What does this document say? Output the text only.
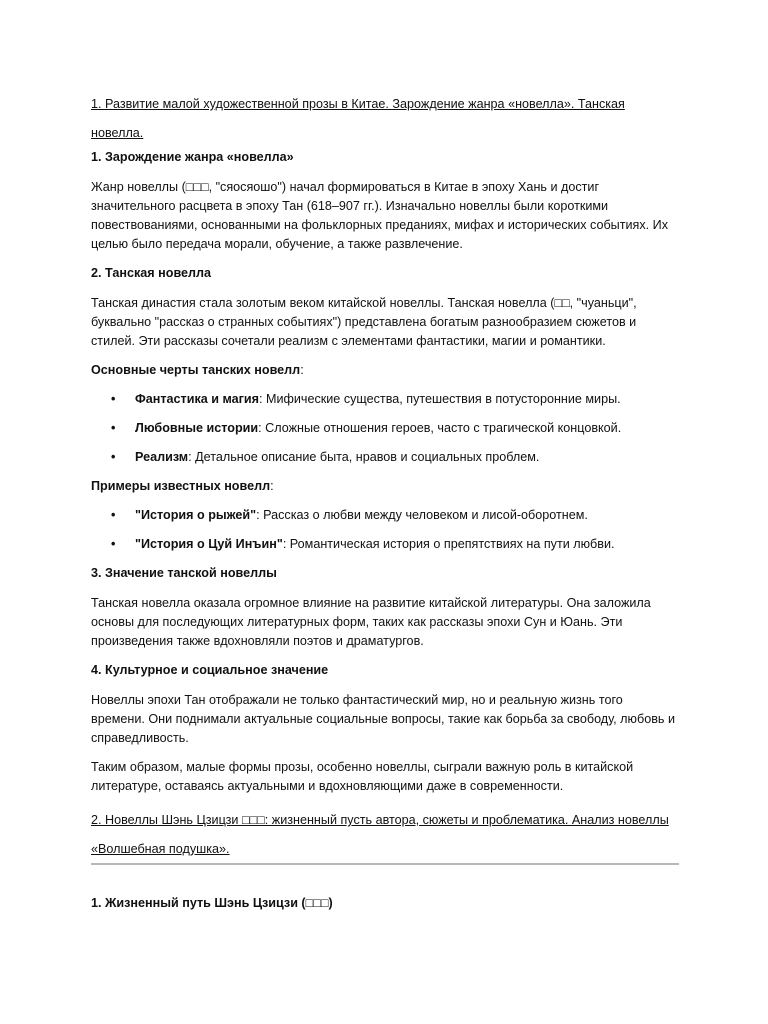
1. Развитие малой художественной прозы в Китае. Зарождение жанра «новелла». Танская новелла.

1. Зарождение жанра «новелла»

Жанр новеллы (□□□, "сяосяошо") начал формироваться в Китае в эпоху Хань и достиг значительного расцвета в эпоху Тан (618–907 гг.). Изначально новеллы были короткими повествованиями, основанными на фольклорных преданиях, мифах и исторических событиях. Их целью было передача морали, обучение, а также развлечение.

2. Танская новелла

Танская династия стала золотым веком китайской новеллы. Танская новелла (□□, "чуаньци", буквально "рассказ о странных событиях") представлена богатым разнообразием сюжетов и стилей. Эти рассказы сочетали реализм с элементами фантастики, магии и романтики.

Основные черты танских новелл:

• Фантастика и магия: Мифические существа, путешествия в потусторонние миры.
• Любовные истории: Сложные отношения героев, часто с трагической концовкой.
• Реализм: Детальное описание быта, нравов и социальных проблем.

Примеры известных новелл:

• "История о рыжей": Рассказ о любви между человеком и лисой-оборотнем.
• "История о Цуй Инъин": Романтическая история о препятствиях на пути любви.

3. Значение танской новеллы

Танская новелла оказала огромное влияние на развитие китайской литературы. Она заложила основы для последующих литературных форм, таких как рассказы эпохи Сун и Юань. Эти произведения также вдохновляли поэтов и драматургов.

4. Культурное и социальное значение

Новеллы эпохи Тан отображали не только фантастический мир, но и реальную жизнь того времени. Они поднимали актуальные социальные вопросы, такие как борьба за свободу, любовь и справедливость.

Таким образом, малые формы прозы, особенно новеллы, сыграли важную роль в китайской литературе, оставаясь актуальными и вдохновляющими даже в современности.

2. Новеллы Шэнь Цзицзи □□□: жизненный пусть автора, сюжеты и проблематика. Анализ новеллы «Волшебная подушка».

1. Жизненный путь Шэнь Цзицзи (□□□)
